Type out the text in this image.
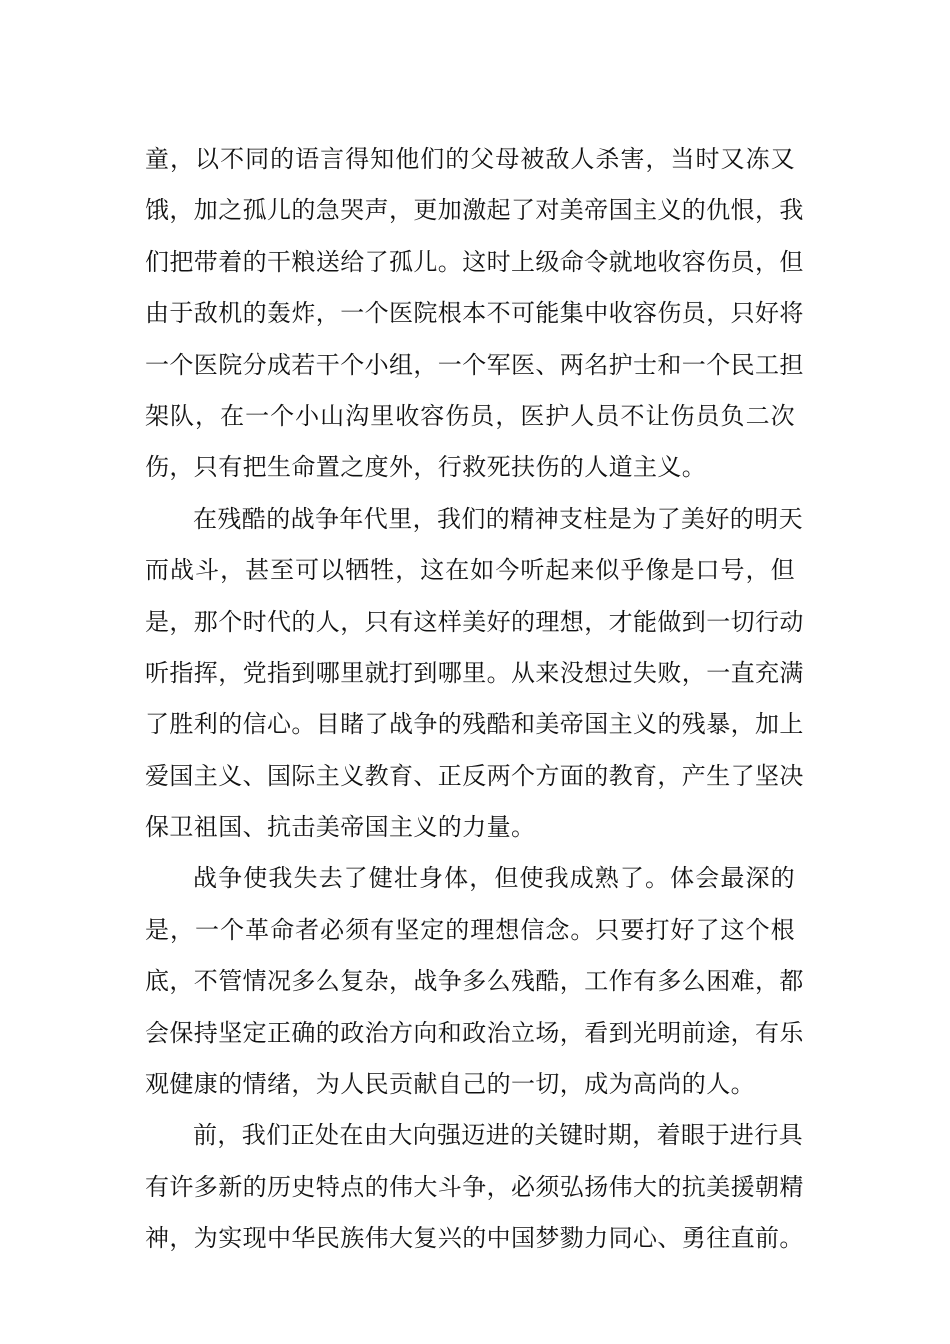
童，以不同的语言得知他们的父母被敌人杀害，当时又冻又
饿，加之孤儿的急哭声，更加激起了对美帝国主义的仇恨，我
们把带着的干粮送给了孤儿。这时上级命令就地收容伤员，但
由于敌机的轰炸，一个医院根本不可能集中收容伤员，只好将
一个医院分成若干个小组，一个军医、两名护士和一个民工担
架队，在一个小山沟里收容伤员，医护人员不让伤员负二次
伤，只有把生命置之度外，行救死扶伤的人道主义。
在残酷的战争年代里，我们的精神支柱是为了美好的明天
而战斗，甚至可以牺牲，这在如今听起来似乎像是口号，但
是，那个时代的人，只有这样美好的理想，才能做到一切行动
听指挥，党指到哪里就打到哪里。从来没想过失败，一直充满
了胜利的信心。目睹了战争的残酷和美帝国主义的残暴，加上
爱国主义、国际主义教育、正反两个方面的教育，产生了坚决
保卫祖国、抗击美帝国主义的力量。
战争使我失去了健壮身体，但使我成熟了。体会最深的
是，一个革命者必须有坚定的理想信念。只要打好了这个根
底，不管情况多么复杂，战争多么残酷，工作有多么困难，都
会保持坚定正确的政治方向和政治立场，看到光明前途，有乐
观健康的情绪，为人民贡献自己的一切，成为高尚的人。
前，我们正处在由大向强迈进的关键时期，着眼于进行具
有许多新的历史特点的伟大斗争，必须弘扬伟大的抗美援朝精
神，为实现中华民族伟大复兴的中国梦勠力同心、勇往直前。
